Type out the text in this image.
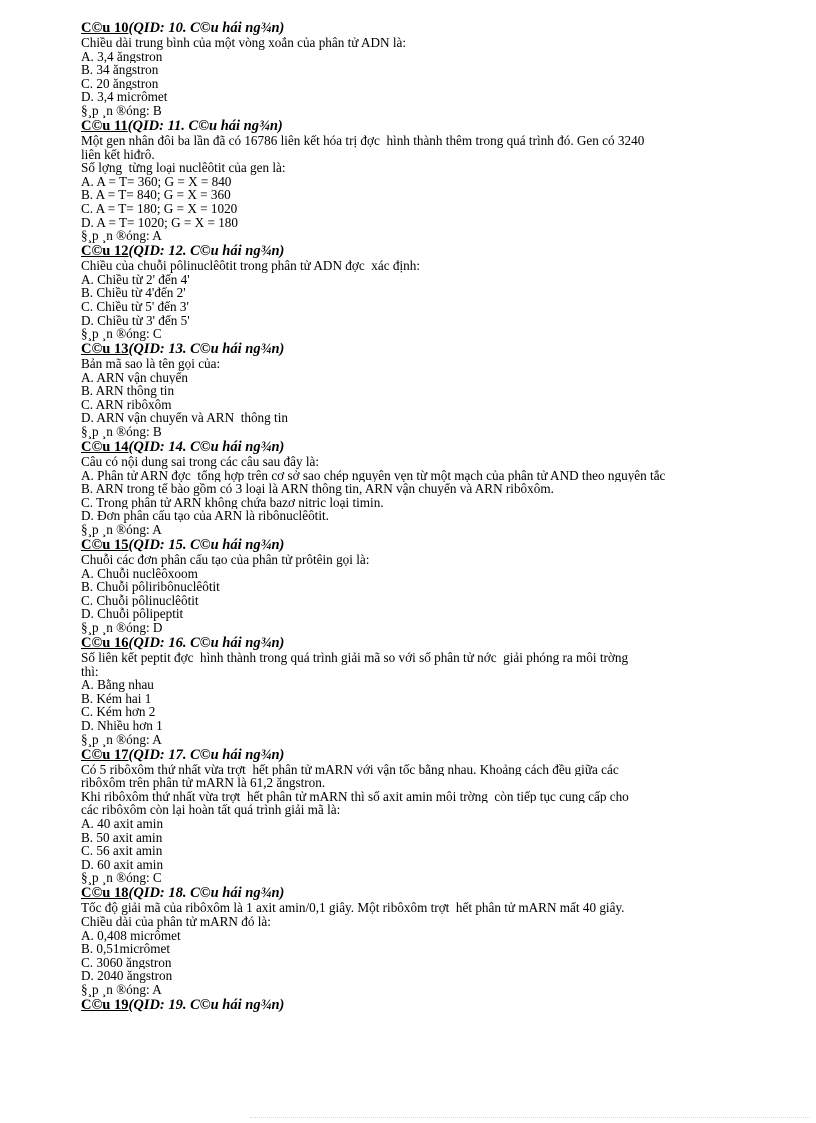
C©u 10(QID: 10. C©u hái ng¾n)
Chiều dài trung bình của một vòng xoắn của phân tử ADN là:
A. 3,4 ăngstron
B. 34 ăngstron
C. 20 ăngstron
D. 3,4 micrômet
§¸p ¸n ®óng: B
C©u 11(QID: 11. C©u hái ng¾n)
Một gen nhân đôi ba lần đã có 16786 liên kết hóa trị đợc  hình thành thêm trong quá trình đó. Gen có 3240
liên kết hiđrô.
Số lợng  từng loại nuclêôtit của gen là:
A. A = T= 360; G = X = 840
B. A = T= 840; G = X = 360
C. A = T= 180; G = X = 1020
D. A = T= 1020; G = X = 180
§¸p ¸n ®óng: A
C©u 12(QID: 12. C©u hái ng¾n)
Chiều của chuỗi pôlinuclêôtit trong phân tử ADN đợc  xác định:
A. Chiều từ 2' đến 4'
B. Chiều từ 4'đến 2'
C. Chiều từ 5' đến 3'
D. Chiều từ 3' đến 5'
§¸p ¸n ®óng: C
C©u 13(QID: 13. C©u hái ng¾n)
Bản mã sao là tên gọi của:
A. ARN vận chuyển
B. ARN thông tin
C. ARN ribôxôm
D. ARN vận chuyển và ARN  thông tin
§¸p ¸n ®óng: B
C©u 14(QID: 14. C©u hái ng¾n)
Câu có nội dung sai trong các câu sau đây là:
A. Phân tử ARN đợc  tổng hợp trên cơ sở sao chép nguyên vẹn từ một mạch của phân tử AND theo nguyên tắc
B. ARN trong tế bào gồm có 3 loại là ARN thông tin, ARN vận chuyển và ARN ribôxôm.
C. Trong phân tử ARN không chứa bazơ nitric loại timin.
D. Đơn phân cấu tạo của ARN là ribônuclêôtit.
§¸p ¸n ®óng: A
C©u 15(QID: 15. C©u hái ng¾n)
Chuỗi các đơn phân cấu tạo của phân tử prôtêin gọi là:
A. Chuỗi nuclêôxoom
B. Chuỗi pôliribônuclêôtit
C. Chuỗi pôlinuclêôtit
D. Chuỗi pôlipeptit
§¸p ¸n ®óng: D
C©u 16(QID: 16. C©u hái ng¾n)
Số liên kết peptit đợc  hình thành trong quá trình giải mã so với số phân tử nớc  giải phóng ra môi trờng
thì:
A. Bằng nhau
B. Kém hai 1
C. Kém hơn 2
D. Nhiều hơn 1
§¸p ¸n ®óng: A
C©u 17(QID: 17. C©u hái ng¾n)
Có 5 ribôxôm thứ nhất vừa trợt  hết phân tử mARN với vận tốc bằng nhau. Khoảng cách đều giữa các
ribôxôm trên phân tử mARN là 61,2 ăngstron.
Khi ribôxôm thứ nhất vừa trợt  hết phân tử mARN thì số axit amin môi trờng  còn tiếp tục cung cấp cho
các ribôxôm còn lại hoàn tất quá trình giải mã là:
A. 40 axit amin
B. 50 axit amin
C. 56 axit amin
D. 60 axit amin
§¸p ¸n ®óng: C
C©u 18(QID: 18. C©u hái ng¾n)
Tốc độ giải mã của ribôxôm là 1 axit amin/0,1 giây. Một ribôxôm trợt  hết phân tử mARN mất 40 giây.
Chiều dài của phân tử mARN đó là:
A. 0,408 micrômet
B. 0,51micrômet
C. 3060 ăngstron
D. 2040 ăngstron
§¸p ¸n ®óng: A
C©u 19(QID: 19. C©u hái ng¾n)
